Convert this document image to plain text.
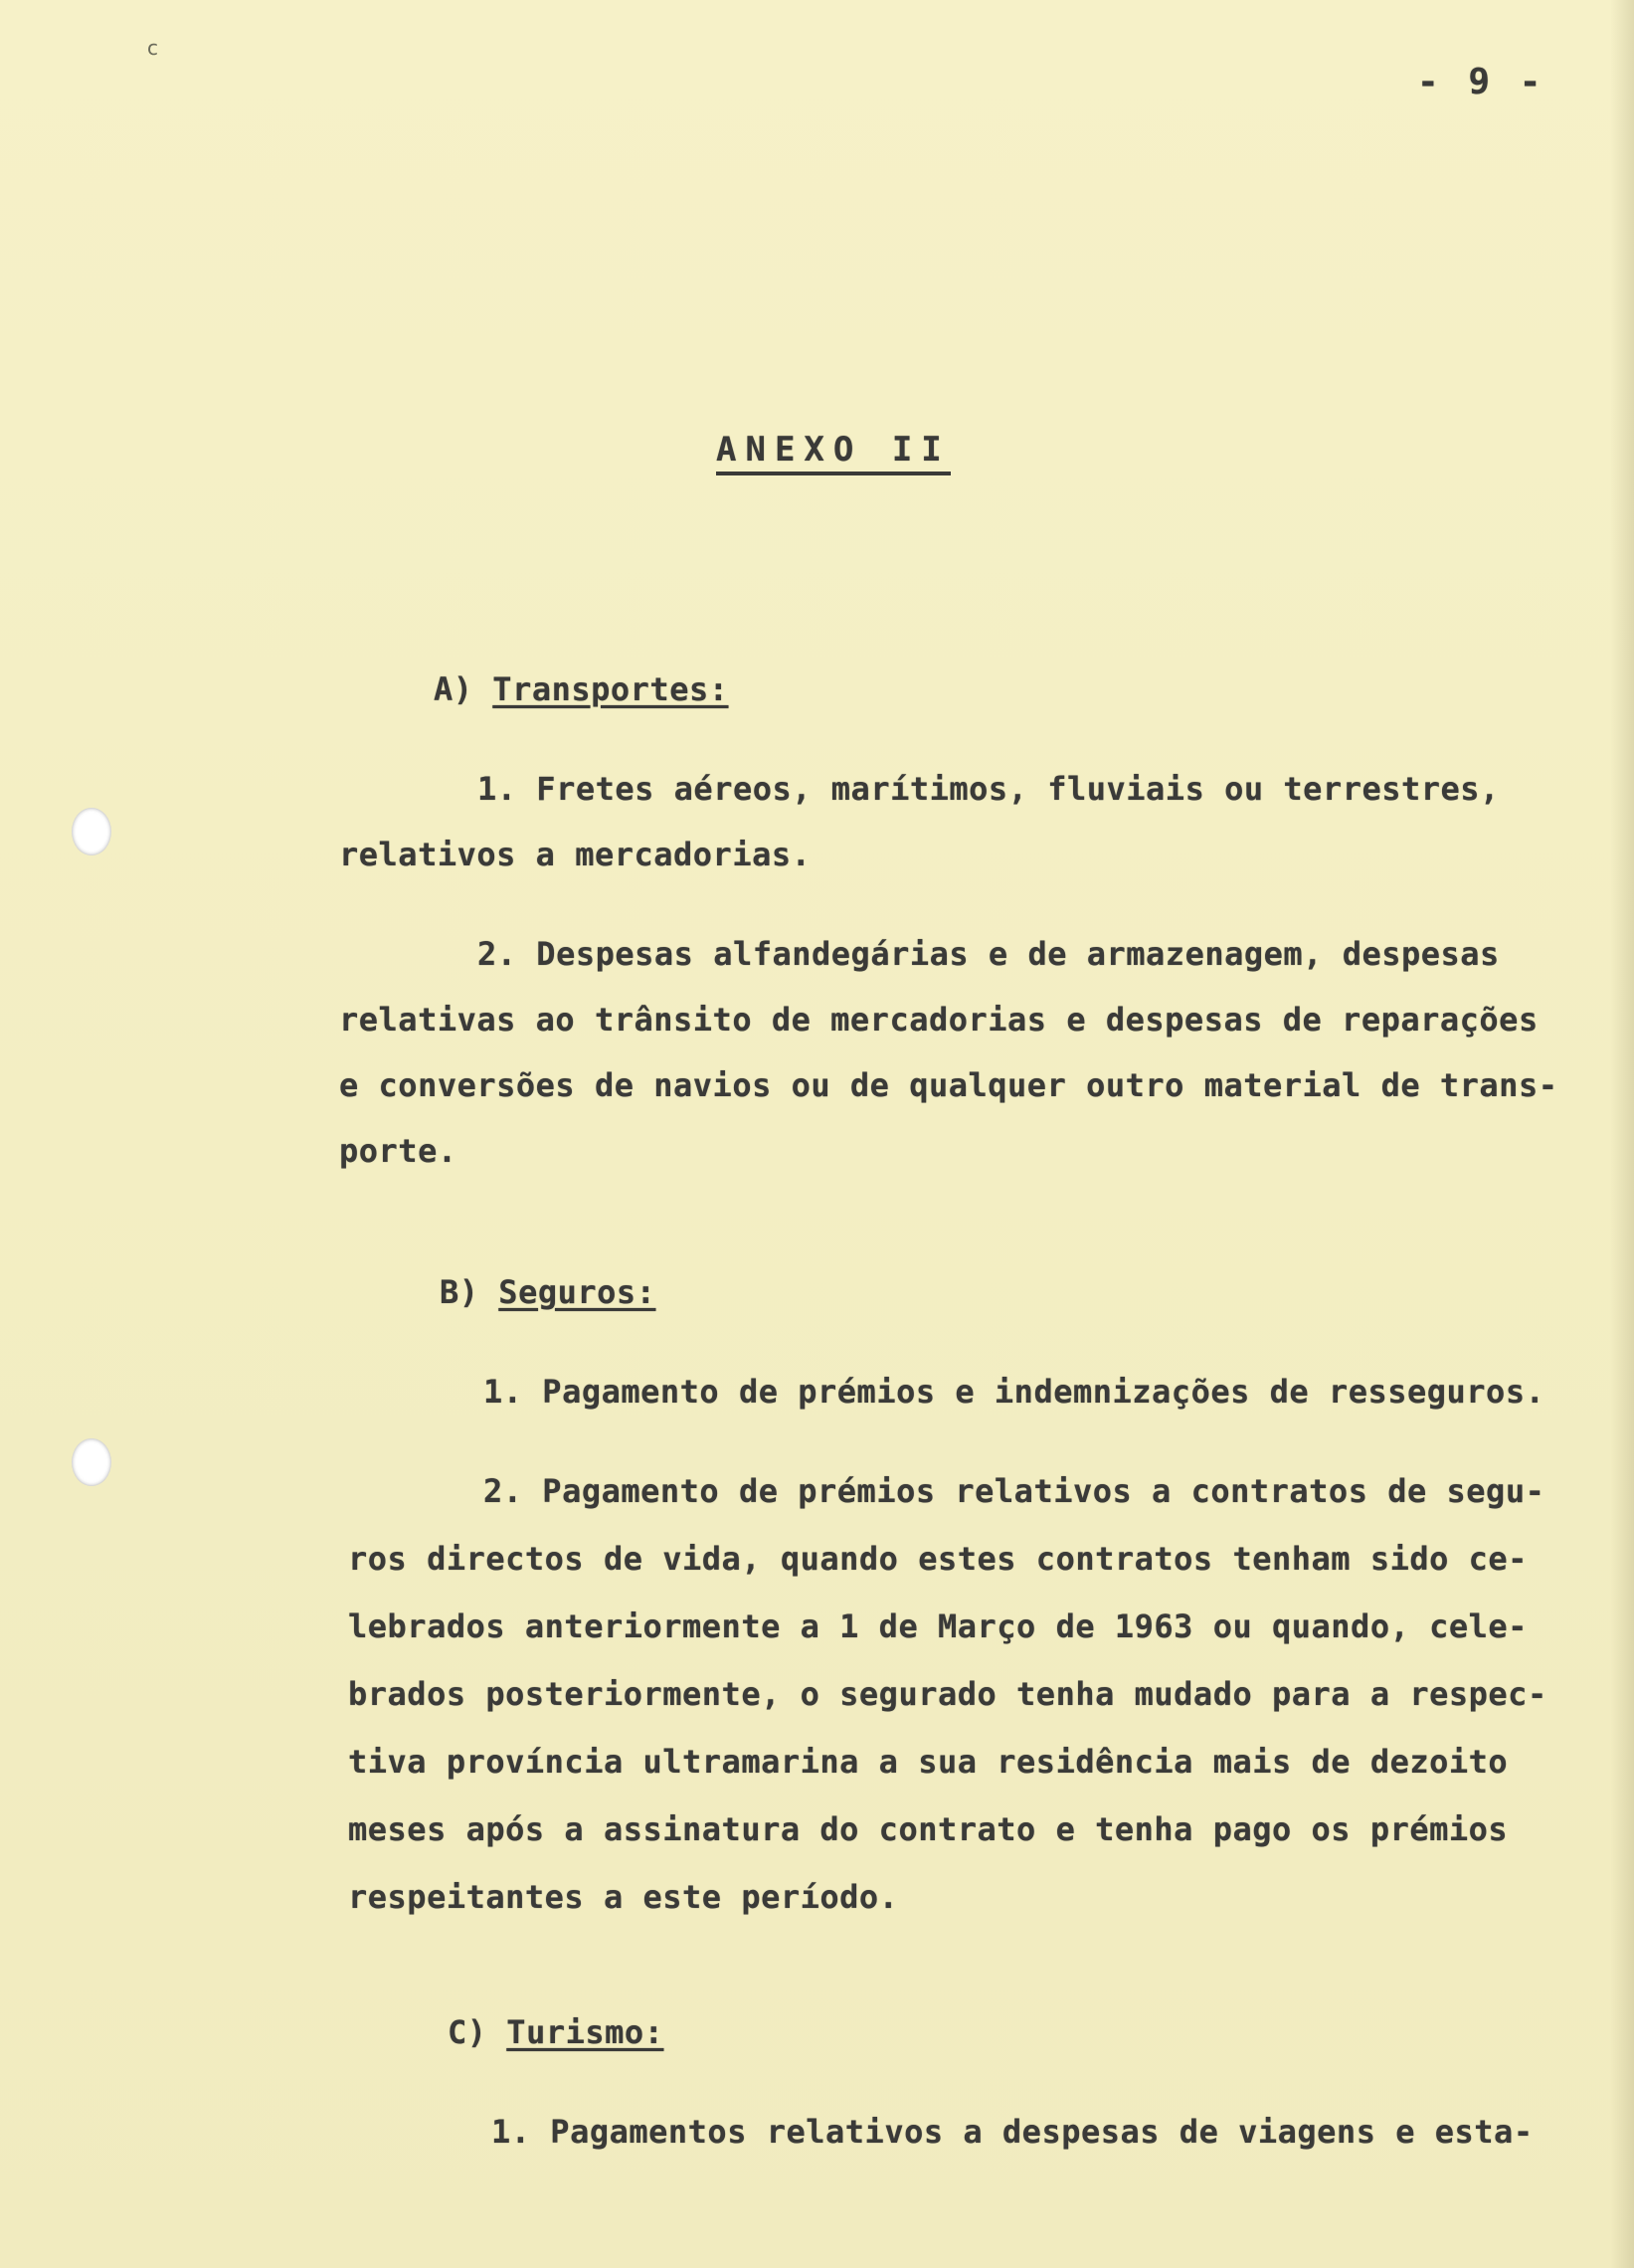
c
- 9 -
ANEXO II
A) Transportes:
1. Fretes aéreos, marítimos, fluviais ou terrestres,
relativos a mercadorias.
2. Despesas alfandegárias e de armazenagem, despesas
relativas ao trânsito de mercadorias e despesas de reparações
e conversões de navios ou de qualquer outro material de trans-
porte.
B) Seguros:
1. Pagamento de prémios e indemnizações de resseguros.
2. Pagamento de prémios relativos a contratos de segu-
ros directos de vida, quando estes contratos tenham sido ce-
lebrados anteriormente a 1 de Março de 1963 ou quando, cele-
brados posteriormente, o segurado tenha mudado para a respec-
tiva província ultramarina a sua residência mais de dezoito
meses após a assinatura do contrato e tenha pago os prémios
respeitantes a este período.
C) Turismo:
1. Pagamentos relativos a despesas de viagens e esta-
